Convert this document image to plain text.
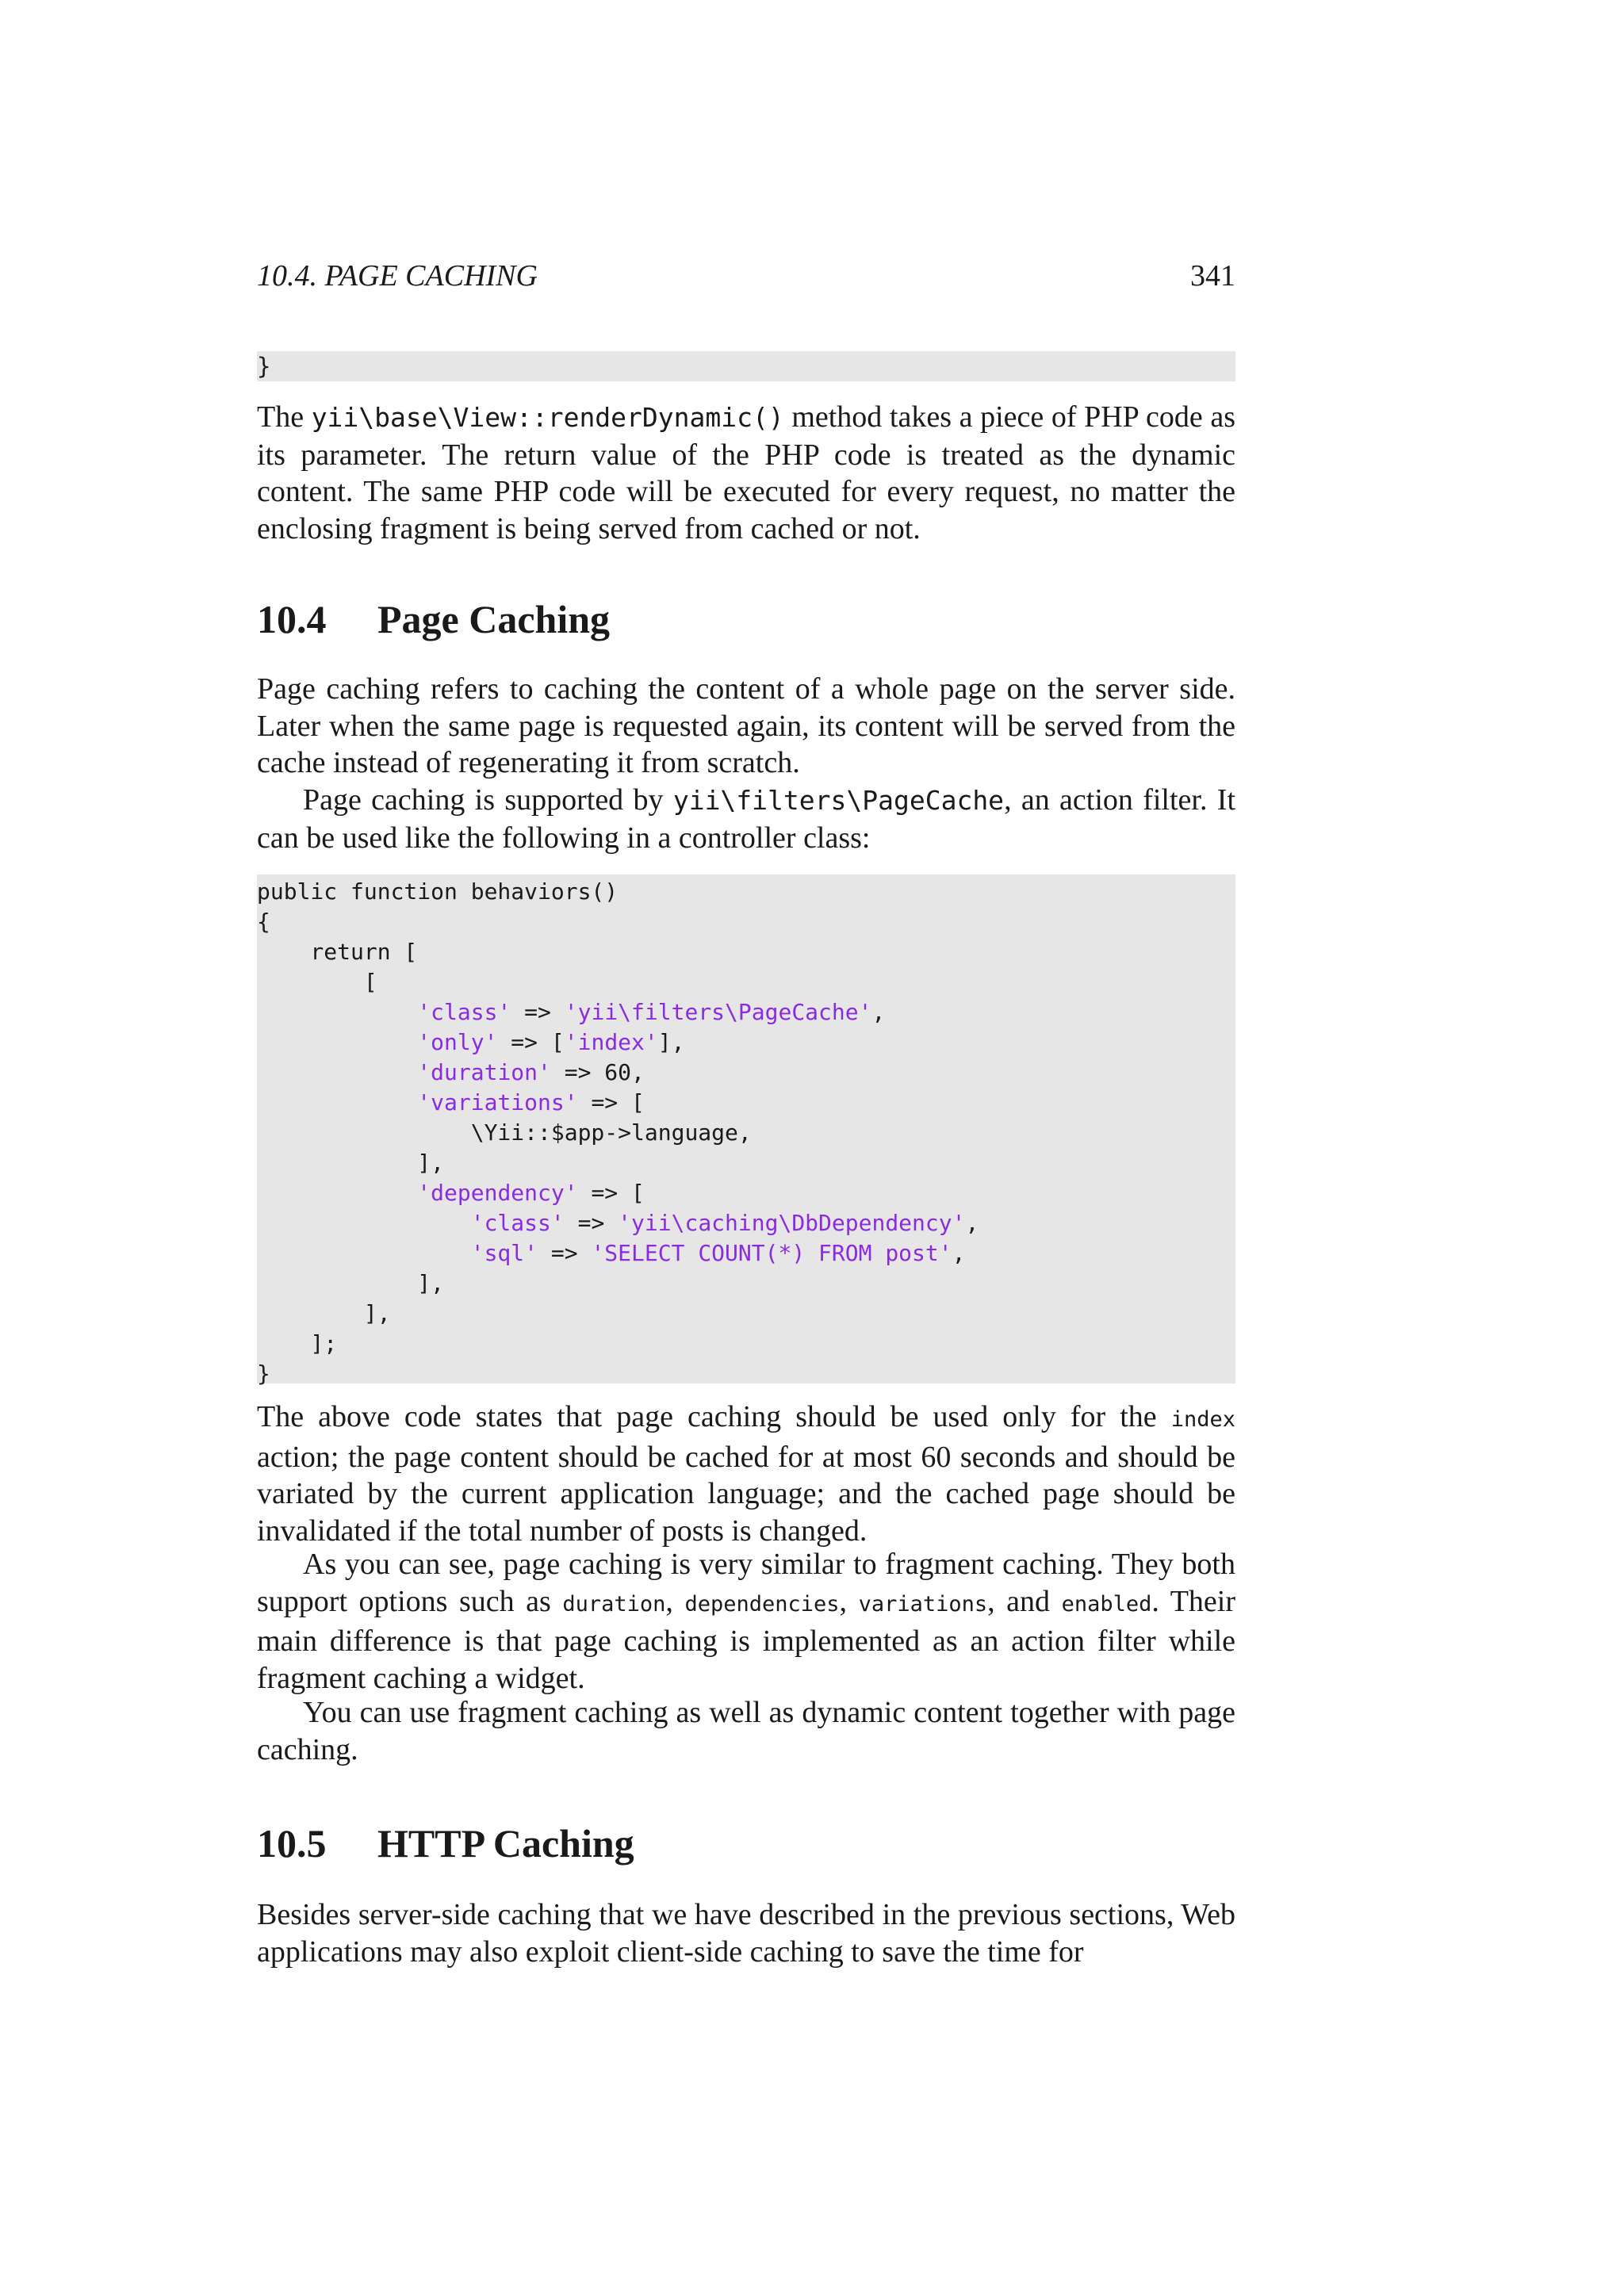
10.4. PAGE CACHING	341
}

The yii\base\View::renderDynamic() method takes a piece of PHP code as its parameter. The return value of the PHP code is treated as the dynamic content. The same PHP code will be executed for every request, no matter the enclosing fragment is being served from cached or not.

10.4 Page Caching

Page caching refers to caching the content of a whole page on the server side. Later when the same page is requested again, its content will be served from the cache instead of regenerating it from scratch.

Page caching is supported by yii\filters\PageCache, an action filter. It can be used like the following in a controller class:

public function behaviors()
{
return [
[
'class' => 'yii\filters\PageCache',
'only' => ['index'],
'duration' => 60,
'variations' => [
\Yii::$app->language,
],
'dependency' => [
'class' => 'yii\caching\DbDependency',
'sql' => 'SELECT COUNT(*) FROM post',
],
],
];
}

The above code states that page caching should be used only for the index action; the page content should be cached for at most 60 seconds and should be variated by the current application language; and the cached page should be invalidated if the total number of posts is changed.

As you can see, page caching is very similar to fragment caching. They both support options such as duration, dependencies, variations, and enabled. Their main difference is that page caching is implemented as an action filter while fragment caching a widget.

You can use fragment caching as well as dynamic content together with page caching.

10.5 HTTP Caching

Besides server-side caching that we have described in the previous sections, Web applications may also exploit client-side caching to save the time for
